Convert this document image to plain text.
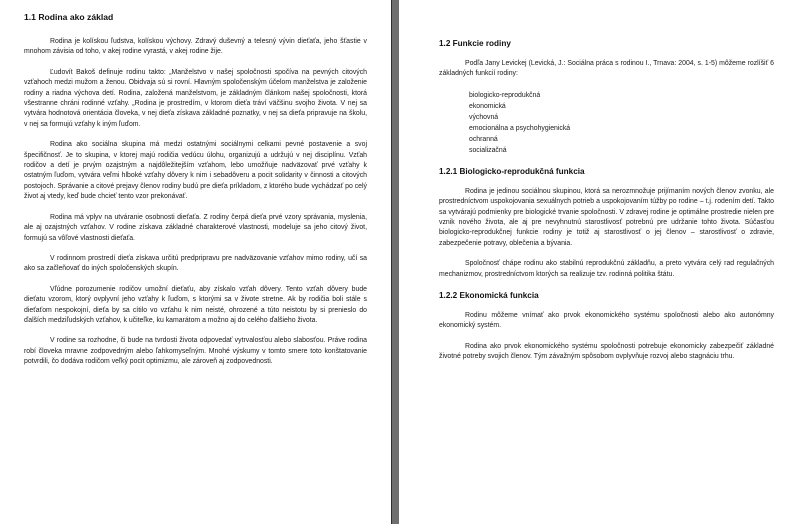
1.1 Rodina ako základ

Rodina je kolískou ľudstva, kolískou výchovy. Zdravý duševný a telesný vývin dieťaťa, jeho šťastie v mnohom závisia od toho, v akej rodine vyrastá, v akej rodine žije.

Ľudovít Bakoš definuje rodinu takto: „Manželstvo v našej spoločnosti spočíva na pevných citových vzťahoch medzi mužom a ženou. Obidvaja sú si rovní. Hlavným spoločenským účelom manželstva je založenie rodiny a riadna výchova detí. Rodina, založená manželstvom, je základným článkom našej spoločnosti, ktorá všestranne chráni rodinné vzťahy. „Rodina je prostredím, v ktorom dieťa tráví väčšinu svojho života. V nej sa vytvára hodnotová orientácia človeka, v nej dieťa získava základné poznatky, v nej sa dieťa pripravuje na školu, v nej sa formujú vzťahy k iným ľuďom.

Rodina ako sociálna skupina má medzi ostatnými sociálnymi celkami pevné postavenie a svoj špecifičnosť. Je to skupina, v ktorej majú rodičia vedúcu úlohu, organizujú a udržujú v nej disciplínu. Vzťah rodičov a detí je prvým ozajstným a najdôležitejším vzťahom, lebo umožňuje nadväzovať prvé vzťahy k ostatným ľuďom, vytvára veľmi hlboké vzťahy dôvery k nim i sebadôveru a pocit solidarity v činnosti a citových postojoch. Správanie a citové prejavy členov rodiny budú pre dieťa príkladom, z ktorého bude vychádzať po celý život aj vtedy, keď bude chcieť tento vzor prekonávať.

Rodina má vplyv na utváranie osobnosti dieťaťa. Z rodiny čerpá dieťa prvé vzory správania, myslenia, ale aj ozajstných vzťahov. V rodine získava základné charakterové vlastnosti, modeluje sa jeho citový život, formujú sa vôľové vlastnosti dieťaťa.

V rodinnom prostredí dieťa získava určitú predpripravu pre nadväzovanie vzťahov mimo rodiny, učí sa ako sa začleňovať do iných spoločenských skupín.

Vľúdne porozumenie rodičov umožní dieťaťu, aby získalo vzťah dôvery. Tento vzťah dôvery bude dieťatu vzorom, ktorý ovplyvní jeho vzťahy k ľuďom, s ktorými sa v živote stretne. Ak by rodičia boli stále s dieťaťom nespokojní, dieťa by sa cítilo vo vzťahu k nim neisté, ohrozené a túto neistotu by si prenieslo do ďalších medziľudských vzťahov, k učiteľke, ku kamarátom a možno aj do celého ďalšieho života.

V rodine sa rozhodne, či bude na tvrdosti života odpovedať vytrvalosťou alebo slabosťou. Práve rodina robí človeka mravne zodpovedným alebo ľahkomyseľným. Mnohé výskumy v tomto smere toto konštatovanie potvrdili, čo dodáva rodičom veľký pocit optimizmu, ale zároveň aj zodpovednosti.

1.2 Funkcie rodiny

Podľa Jany Levickej (Levická, J.: Sociálna práca s rodinou I., Trnava: 2004, s. 1-5) môžeme rozlíšiť 6 základných funkcií rodiny:

biologicko-reprodukčná
ekonomická
výchovná
emocionálna a psychohygienická
ochranná
socializačná
1.2.1 Biologicko-reprodukčná funkcia

Rodina je jedinou sociálnou skupinou, ktorá sa nerozmnožuje prijímaním nových členov zvonku, ale prostredníctvom uspokojovania sexuálnych potrieb a uspokojovaním túžby po rodine – t.j. rodením detí. Takto sa vytvárajú podmienky pre biologické trvanie spoločnosti. V zdravej rodine je optimálne prostredie nielen pre vznik nového života, ale aj pre nevyhnutnú starostlivosť potrebnú pre udržanie tohto života. Súčasťou biologicko-reprodukčnej funkcie rodiny je totiž aj starostlivosť o jej členov – starostlivosť o zdravie, zabezpečenie potravy, oblečenia a bývania.

Spoločnosť chápe rodinu ako stabilnú reprodukčnú základňu, a preto vytvára celý rad regulačných mechanizmov, prostredníctvom ktorých sa realizuje tzv. rodinná politika štátu.

1.2.2 Ekonomická funkcia

Rodinu môžeme vnímať ako prvok ekonomického systému spoločnosti alebo ako autonómny ekonomický systém.

Rodina ako prvok ekonomického systému spoločnosti potrebuje ekonomicky zabezpečiť základné životné potreby svojich členov. Tým závažným spôsobom ovplyvňuje rozvoj alebo stagnáciu trhu.
